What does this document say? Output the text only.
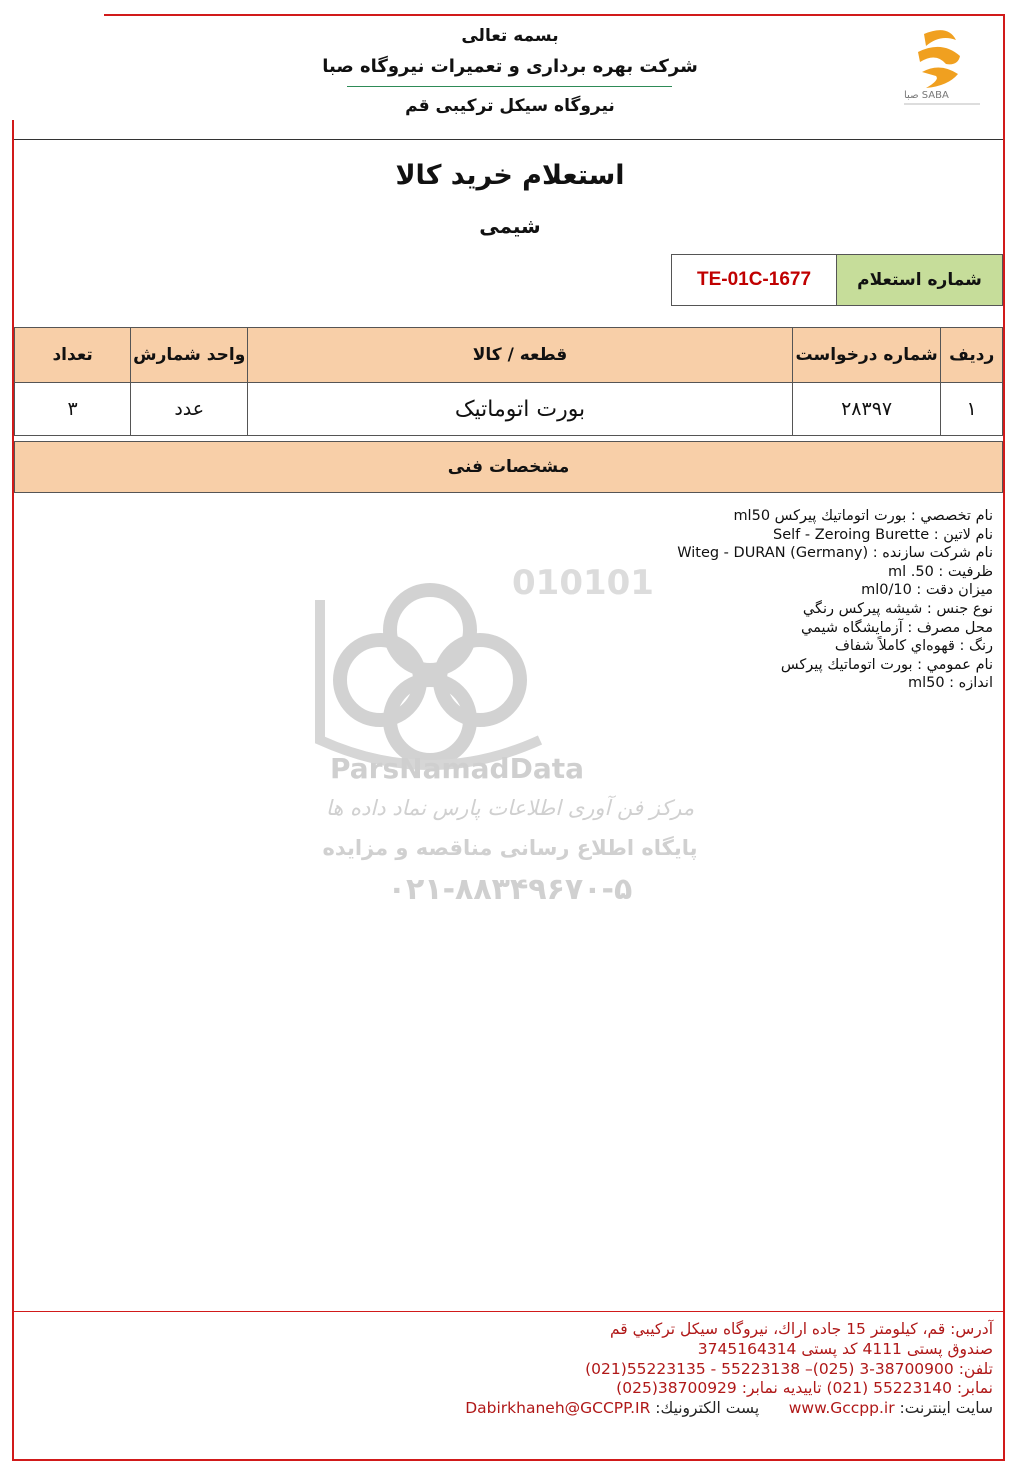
بسمه تعالی
شرکت بهره برداری و تعمیرات نیروگاه صبا
نیروگاه سیکل ترکیبی قم
صبا SABA
استعلام خرید کالا
شیمی
شماره استعلام
TE-01C-1677
ردیف	شماره درخواست	قطعه / کالا	واحد شمارش	تعداد
۱	۲۸۳۹۷	بورت اتوماتیک	عدد	۳
مشخصات فنی
010101
ParsNamadData
مرکز فن آوری اطلاعات پارس نماد داده ها
پایگاه اطلاع رسانی مناقصه و مزایده
۰۲۱-۸۸۳۴۹۶۷۰-۵
نام تخصصي : بورت اتوماتيك پيركس ml50
نام لاتين : Self - Zeroing Burette
نام شركت سازنده : Witeg - DURAN (Germany)
ظرفيت : 50. ml
ميزان دقت : ml0/10
نوع جنس : شيشه پيركس رنگي
محل مصرف : آزمايشگاه شيمي
رنگ : قهوه‌اي كاملاً شفاف
نام عمومي : بورت اتوماتيك پيركس
اندازه : ml50
آدرس: قم، كيلومتر 15 جاده اراك، نيروگاه سيكل تركيبي قم
صندوق پستی 4111 کد پستی 3745164314
تلفن: 38700900-3 (025)– 55223138 - 55223135(021)
نمابر: 55223140 (021) تاييديه نمابر: 38700929(025)
سايت اينترنت: www.Gccpp.ir      پست الكترونيك: Dabirkhaneh@GCCPP.IR
